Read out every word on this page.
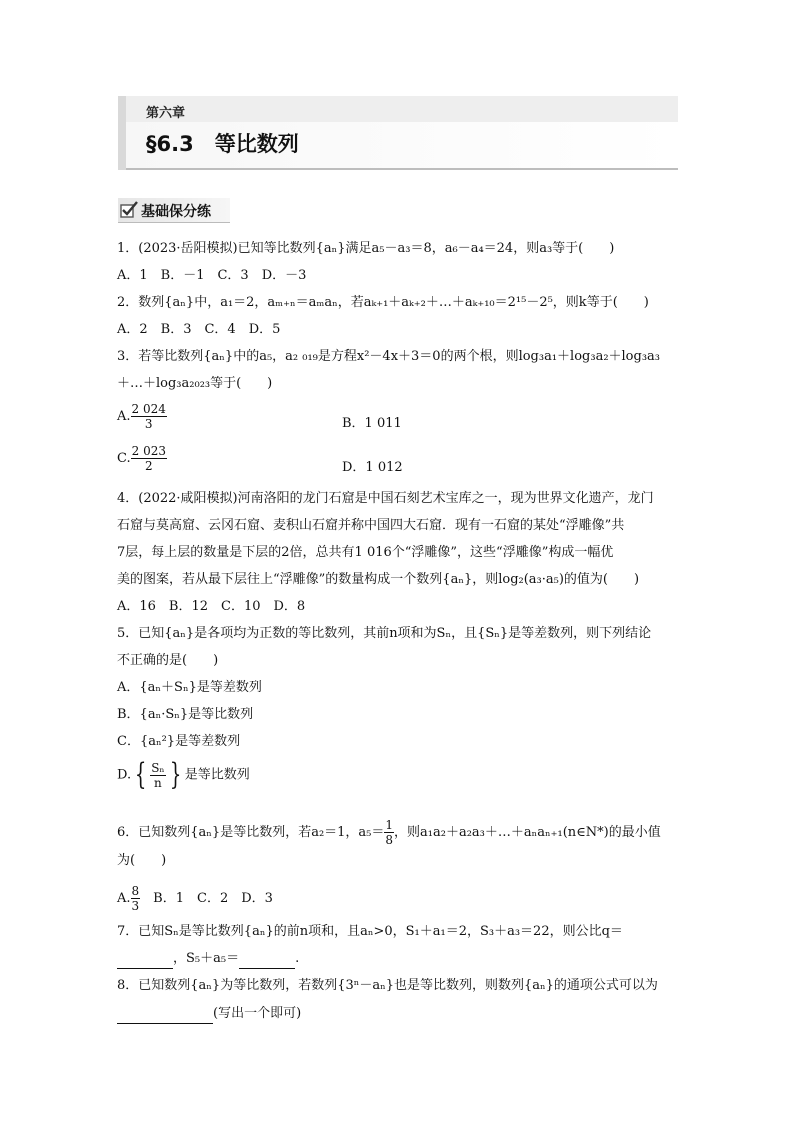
第六章
§6.3　等比数列
基础保分练
1．(2023·岳阳模拟)已知等比数列{aₙ}满足a₅－a₃＝8，a₆－a₄＝24，则a₃等于(　　)
A．1　B．－1　C．3　D．－3
2．数列{aₙ}中，a₁＝2，aₘ₊ₙ＝aₘaₙ，若aₖ₊₁＋aₖ₊₂＋…＋aₖ₊₁₀＝2¹⁵－2⁵，则k等于(　　)
A．2　B．3　C．4　D．5
3．若等比数列{aₙ}中的a₅，a₂ ₀₁₉是方程x²－4x＋3＝0的两个根，则log₃a₁＋log₃a₂＋log₃a₃
＋…＋log₃a₂₀₂₃等于(　　)
A. $\frac{2 024}{3}$	B．1 011
C. $\frac{2 023}{2}$	D．1 012
4．(2022·咸阳模拟)河南洛阳的龙门石窟是中国石刻艺术宝库之一，现为世界文化遗产，龙门
石窟与莫高窟、云冈石窟、麦积山石窟并称中国四大石窟．现有一石窟的某处“浮雕像”共
7层，每上层的数量是下层的2倍，总共有1 016个“浮雕像”，这些“浮雕像”构成一幅优
美的图案，若从最下层往上“浮雕像”的数量构成一个数列{aₙ}，则log₂(a₃·a₅)的值为(　　)
A．16　B．12　C．10　D．8
5．已知{aₙ}是各项均为正数的等比数列，其前n项和为Sₙ，且{Sₙ}是等差数列，则下列结论
不正确的是(　　)
A．{aₙ＋Sₙ}是等差数列
B．{aₙ·Sₙ}是等比数列
C．{aₙ²}是等差数列
D. { $\frac{\text{Sₙ}}{n}$ } 是等比数列
6．已知数列{aₙ}是等比数列，若a₂＝1，$a_5= \frac{1}{8}$ ，则a₁a₂＋a₂a₃＋…＋aₙaₙ₊₁(n∈N*)的最小值
为(　　)
A. $\frac{8}{3}$ 　B．1　C．2　D．3
7．已知Sₙ是等比数列{aₙ}的前n项和，且aₙ>0，S₁＋a₁＝2，S₃＋a₃＝22，则公比q＝
，S₅＋a₅＝	.
8．已知数列{aₙ}为等比数列，若数列{3ⁿ－aₙ}也是等比数列，则数列{aₙ}的通项公式可以为
(写出一个即可)
